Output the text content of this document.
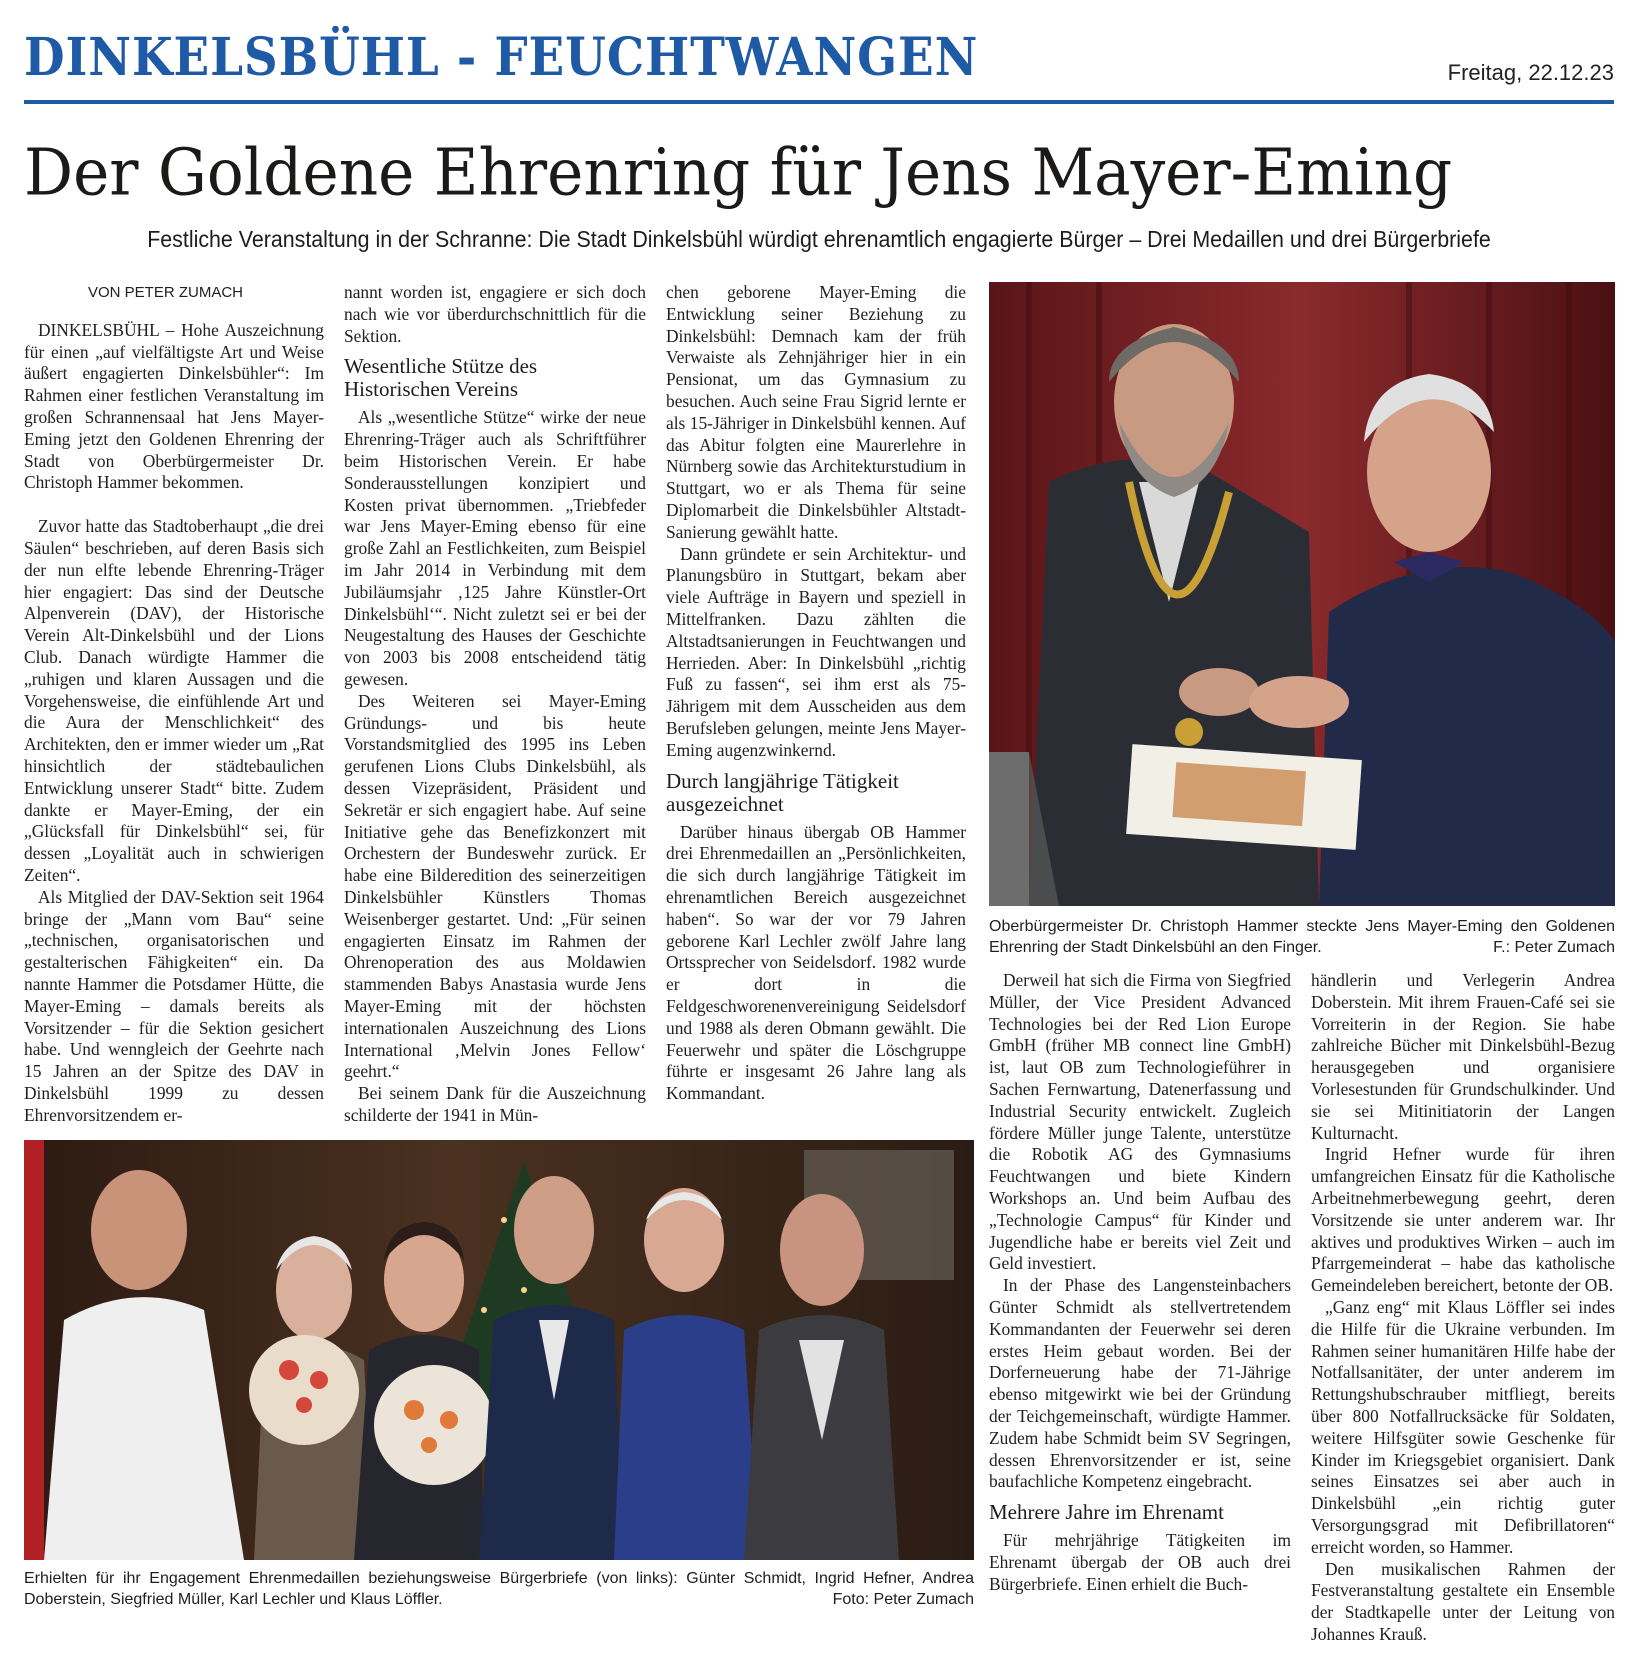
DINKELSBÜHL - FEUCHTWANGEN	Freitag, 22.12.23
Der Goldene Ehrenring für Jens Mayer-Eming
Festliche Veranstaltung in der Schranne: Die Stadt Dinkelsbühl würdigt ehrenamtlich engagierte Bürger – Drei Medaillen und drei Bürgerbriefe

VON PETER ZUMACH

DINKELSBÜHL – Hohe Auszeichnung für einen „auf vielfältigste Art und Weise äußert engagierten Dinkelsbühler“: Im Rahmen einer festlichen Veranstaltung im großen Schrannensaal hat Jens Mayer-Eming jetzt den Goldenen Ehrenring der Stadt von Oberbürgermeister Dr. Christoph Hammer bekommen.

Zuvor hatte das Stadtoberhaupt „die drei Säulen“ beschrieben, auf deren Basis sich der nun elfte lebende Ehrenring-Träger hier engagiert: Das sind der Deutsche Alpenverein (DAV), der Historische Verein Alt-Dinkelsbühl und der Lions Club. Danach würdigte Hammer die „ruhigen und klaren Aussagen und die Vorgehensweise, die einfühlende Art und die Aura der Menschlichkeit“ des Architekten, den er immer wieder um „Rat hinsichtlich der städtebaulichen Entwicklung unserer Stadt“ bitte. Zudem dankte er Mayer-Eming, der ein „Glücksfall für Dinkelsbühl“ sei, für dessen „Loyalität auch in schwierigen Zeiten“.

Als Mitglied der DAV-Sektion seit 1964 bringe der „Mann vom Bau“ seine „technischen, organisatorischen und gestalterischen Fähigkeiten“ ein. Da nannte Hammer die Potsdamer Hütte, die Mayer-Eming – damals bereits als Vorsitzender – für die Sektion gesichert habe. Und wenngleich der Geehrte nach 15 Jahren an der Spitze des DAV in Dinkelsbühl 1999 zu dessen Ehrenvorsitzendem er-

nannt worden ist, engagiere er sich doch nach wie vor überdurchschnittlich für die Sektion.

Wesentliche Stütze des Historischen Vereins

Als „wesentliche Stütze“ wirke der neue Ehrenring-Träger auch als Schriftführer beim Historischen Verein. Er habe Sonderausstellungen konzipiert und Kosten privat übernommen. „Triebfeder war Jens Mayer-Eming ebenso für eine große Zahl an Festlichkeiten, zum Beispiel im Jahr 2014 in Verbindung mit dem Jubiläumsjahr ‚125 Jahre Künstler-Ort Dinkelsbühl‘“. Nicht zuletzt sei er bei der Neugestaltung des Hauses der Geschichte von 2003 bis 2008 entscheidend tätig gewesen.

Des Weiteren sei Mayer-Eming Gründungs- und bis heute Vorstandsmitglied des 1995 ins Leben gerufenen Lions Clubs Dinkelsbühl, als dessen Vizepräsident, Präsident und Sekretär er sich engagiert habe. Auf seine Initiative gehe das Benefizkonzert mit Orchestern der Bundeswehr zurück. Er habe eine Bilderedition des seinerzeitigen Dinkelsbühler Künstlers Thomas Weisenberger gestartet. Und: „Für seinen engagierten Einsatz im Rahmen der Ohrenoperation des aus Moldawien stammenden Babys Anastasia wurde Jens Mayer-Eming mit der höchsten internationalen Auszeichnung des Lions International ‚Melvin Jones Fellow‘ geehrt.“

Bei seinem Dank für die Auszeichnung schilderte der 1941 in Mün-

chen geborene Mayer-Eming die Entwicklung seiner Beziehung zu Dinkelsbühl: Demnach kam der früh Verwaiste als Zehnjähriger hier in ein Pensionat, um das Gymnasium zu besuchen. Auch seine Frau Sigrid lernte er als 15-Jähriger in Dinkelsbühl kennen. Auf das Abitur folgten eine Maurerlehre in Nürnberg sowie das Architekturstudium in Stuttgart, wo er als Thema für seine Diplomarbeit die Dinkelsbühler Altstadt-Sanierung gewählt hatte.

Dann gründete er sein Architektur- und Planungsbüro in Stuttgart, bekam aber viele Aufträge in Bayern und speziell in Mittelfranken. Dazu zählten die Altstadtsanierungen in Feuchtwangen und Herrieden. Aber: In Dinkelsbühl „richtig Fuß zu fassen“, sei ihm erst als 75-Jährigem mit dem Ausscheiden aus dem Berufsleben gelungen, meinte Jens Mayer-Eming augenzwinkernd.

Durch langjährige Tätigkeit ausgezeichnet

Darüber hinaus übergab OB Hammer drei Ehrenmedaillen an „Persönlichkeiten, die sich durch langjährige Tätigkeit im ehrenamtlichen Bereich ausgezeichnet haben“. So war der vor 79 Jahren geborene Karl Lechler zwölf Jahre lang Ortssprecher von Seidelsdorf. 1982 wurde er dort in die Feldgeschworenenvereinigung Seidelsdorf und 1988 als deren Obmann gewählt. Die Feuerwehr und später die Löschgruppe führte er insgesamt 26 Jahre lang als Kommandant.

Oberbürgermeister Dr. Christoph Hammer steckte Jens Mayer-Eming den Goldenen Ehrenring der Stadt Dinkelsbühl an den Finger.	F.: Peter Zumach

Derweil hat sich die Firma von Siegfried Müller, der Vice President Advanced Technologies bei der Red Lion Europe GmbH (früher MB connect line GmbH) ist, laut OB zum Technologieführer in Sachen Fernwartung, Datenerfassung und Industrial Security entwickelt. Zugleich fördere Müller junge Talente, unterstütze die Robotik AG des Gymnasiums Feuchtwangen und biete Kindern Workshops an. Und beim Aufbau des „Technologie Campus“ für Kinder und Jugendliche habe er bereits viel Zeit und Geld investiert.

In der Phase des Langensteinbachers Günter Schmidt als stellvertretendem Kommandanten der Feuerwehr sei deren erstes Heim gebaut worden. Bei der Dorferneuerung habe der 71-Jährige ebenso mitgewirkt wie bei der Gründung der Teichgemeinschaft, würdigte Hammer. Zudem habe Schmidt beim SV Segringen, dessen Ehrenvorsitzender er ist, seine baufachliche Kompetenz eingebracht.

Mehrere Jahre im Ehrenamt

Für mehrjährige Tätigkeiten im Ehrenamt übergab der OB auch drei Bürgerbriefe. Einen erhielt die Buch-

händlerin und Verlegerin Andrea Doberstein. Mit ihrem Frauen-Café sei sie Vorreiterin in der Region. Sie habe zahlreiche Bücher mit Dinkelsbühl-Bezug herausgegeben und organisiere Vorlesestunden für Grundschulkinder. Und sie sei Mitinitiatorin der Langen Kulturnacht.

Ingrid Hefner wurde für ihren umfangreichen Einsatz für die Katholische Arbeitnehmerbewegung geehrt, deren Vorsitzende sie unter anderem war. Ihr aktives und produktives Wirken – auch im Pfarrgemeinderat – habe das katholische Gemeindeleben bereichert, betonte der OB.

„Ganz eng“ mit Klaus Löffler sei indes die Hilfe für die Ukraine verbunden. Im Rahmen seiner humanitären Hilfe habe der Notfallsanitäter, der unter anderem im Rettungshubschrauber mitfliegt, bereits über 800 Notfallrucksäcke für Soldaten, weitere Hilfsgüter sowie Geschenke für Kinder im Kriegsgebiet organisiert. Dank seines Einsatzes sei aber auch in Dinkelsbühl „ein richtig guter Versorgungsgrad mit Defibrillatoren“ erreicht worden, so Hammer.

Den musikalischen Rahmen der Festveranstaltung gestaltete ein Ensemble der Stadtkapelle unter der Leitung von Johannes Krauß.

Erhielten für ihr Engagement Ehrenmedaillen beziehungsweise Bürgerbriefe (von links): Günter Schmidt, Ingrid Hefner, Andrea Doberstein, Siegfried Müller, Karl Lechler und Klaus Löffler.	Foto: Peter Zumach
